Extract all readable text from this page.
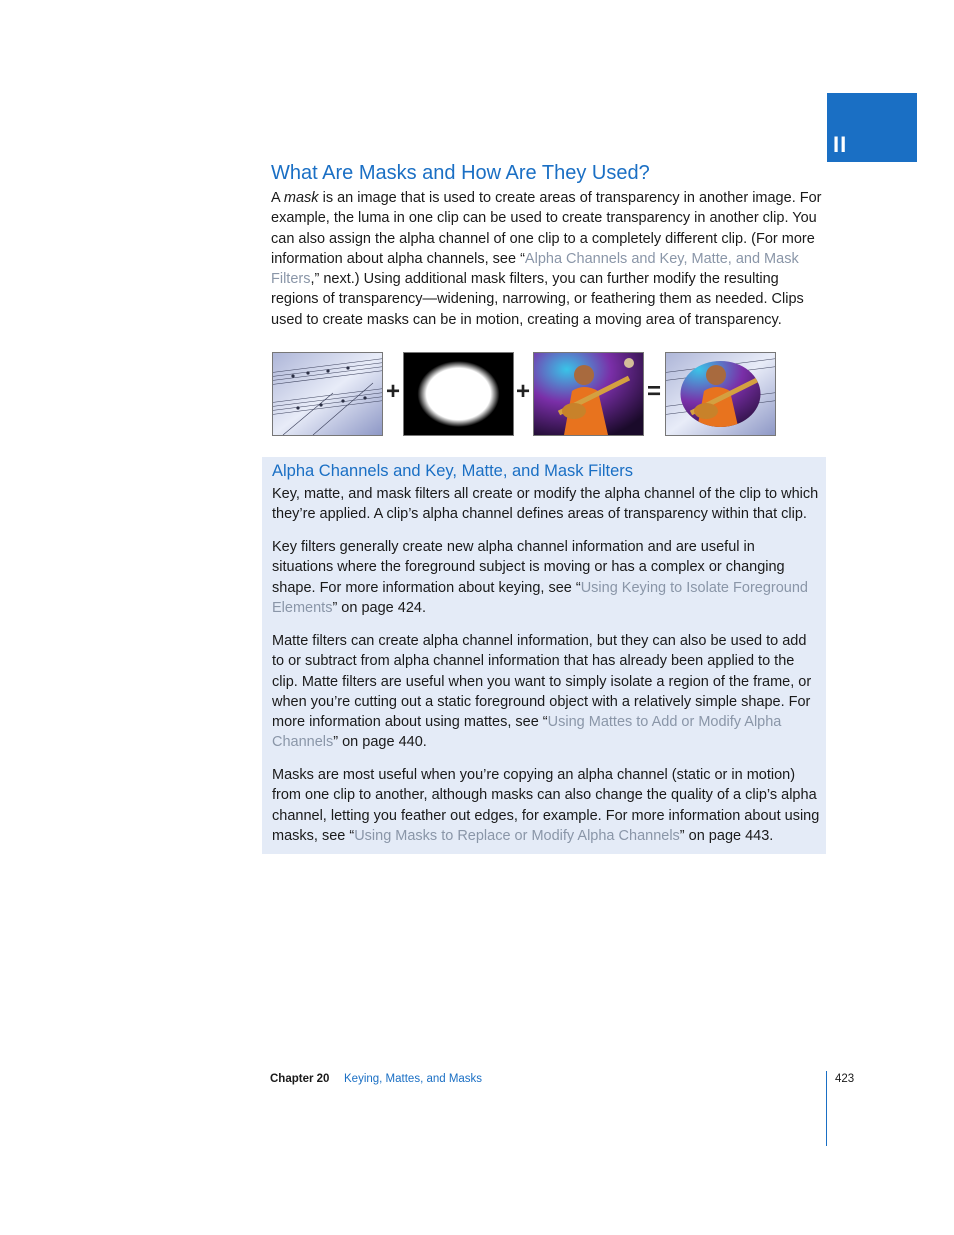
II
What Are Masks and How Are They Used?

A mask is an image that is used to create areas of transparency in another image. For example, the luma in one clip can be used to create transparency in another clip. You can also assign the alpha channel of one clip to a completely different clip. (For more information about alpha channels, see “Alpha Channels and Key, Matte, and Mask Filters,” next.) Using additional mask filters, you can further modify the resulting regions of transparency—widening, narrowing, or feathering them as needed. Clips used to create masks can be in motion, creating a moving area of transparency.

+	+	=
Alpha Channels and Key, Matte, and Mask Filters

Key, matte, and mask filters all create or modify the alpha channel of the clip to which they’re applied. A clip’s alpha channel defines areas of transparency within that clip.

Key filters generally create new alpha channel information and are useful in situations where the foreground subject is moving or has a complex or changing shape. For more information about keying, see “Using Keying to Isolate Foreground Elements” on page 424.

Matte filters can create alpha channel information, but they can also be used to add to or subtract from alpha channel information that has already been applied to the clip. Matte filters are useful when you want to simply isolate a region of the frame, or when you’re cutting out a static foreground object with a relatively simple shape. For more information about using mattes, see “Using Mattes to Add or Modify Alpha Channels” on page 440.

Masks are most useful when you’re copying an alpha channel (static or in motion) from one clip to another, although masks can also change the quality of a clip’s alpha channel, letting you feather out edges, for example. For more information about using masks, see “Using Masks to Replace or Modify Alpha Channels” on page 443.

Chapter 20 Keying, Mattes, and Masks	423
